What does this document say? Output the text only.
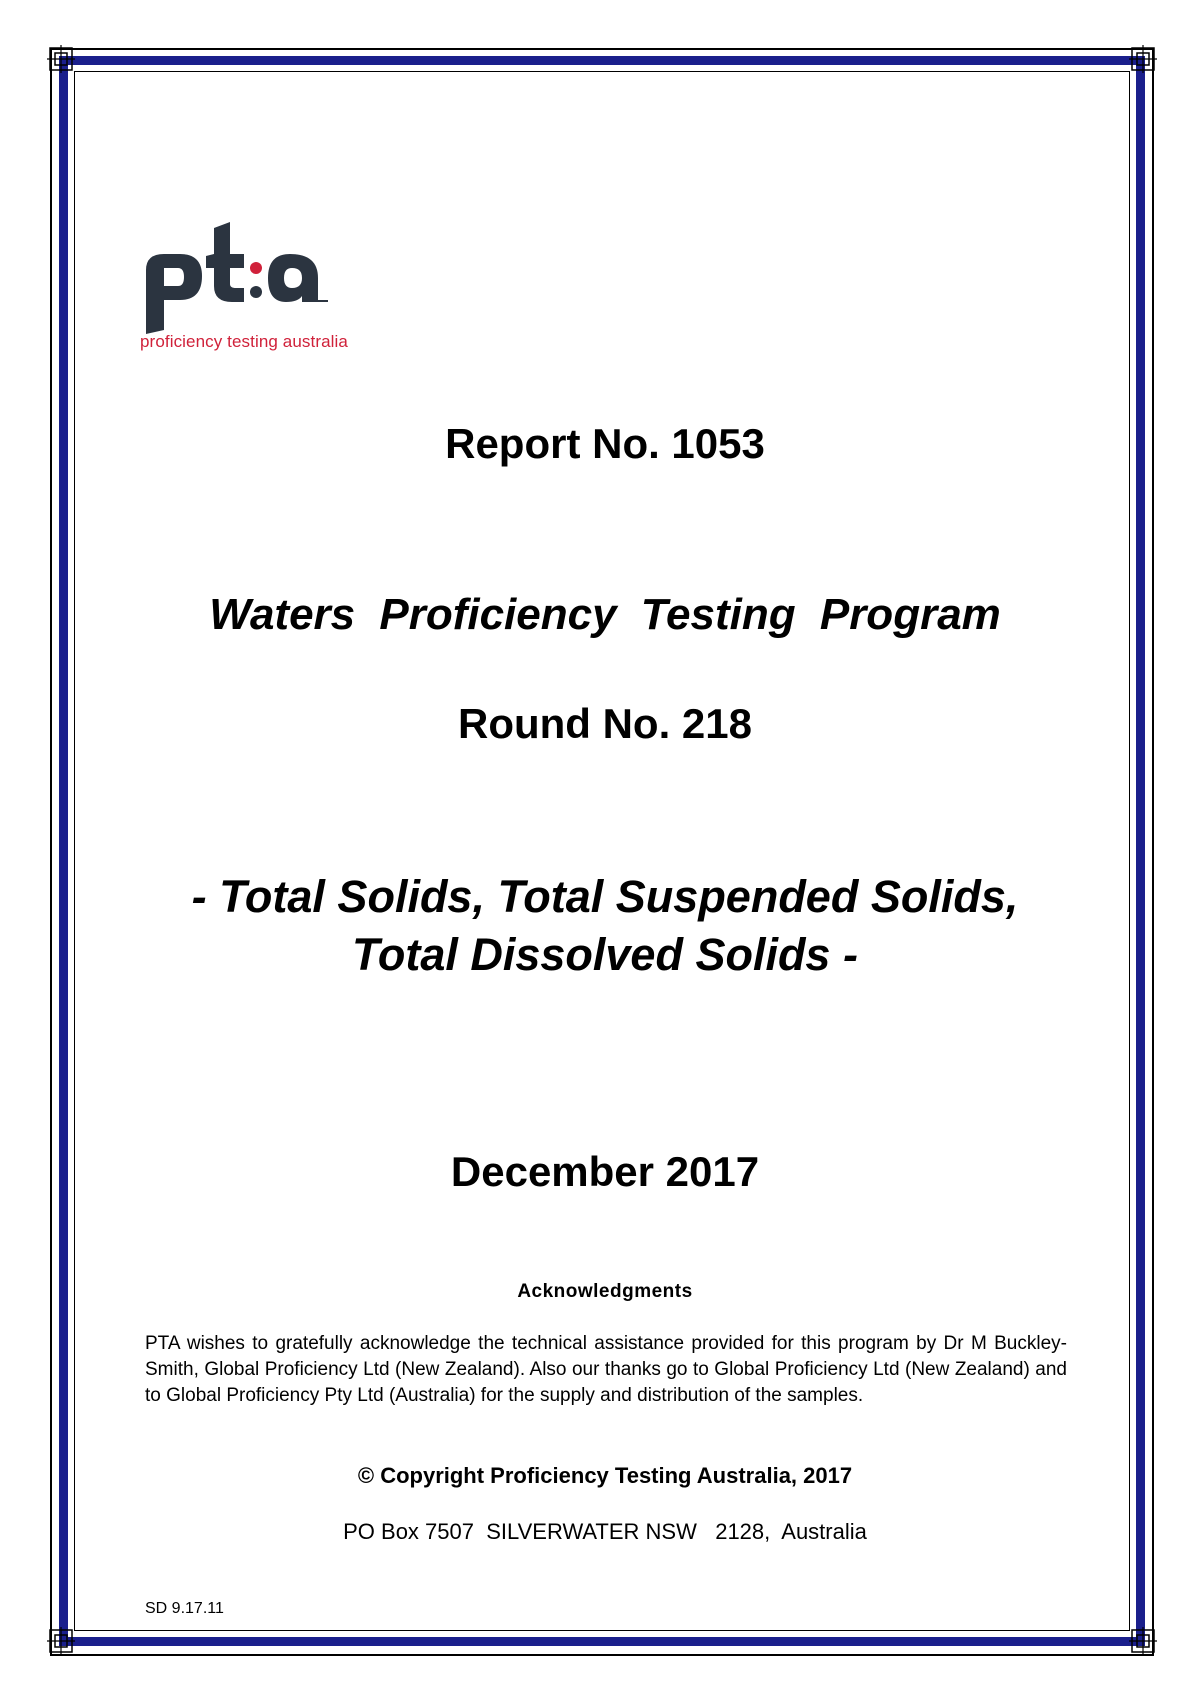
proficiency testing australia
Report No. 1053
Waters Proficiency Testing Program
Round No. 218
- Total Solids, Total Suspended Solids,
Total Dissolved Solids -
December 2017
Acknowledgments
PTA wishes to gratefully acknowledge the technical assistance provided for this program by Dr M Buckley-Smith, Global Proficiency Ltd (New Zealand). Also our thanks go to Global Proficiency Ltd (New Zealand) and to Global Proficiency Pty Ltd (Australia) for the supply and distribution of the samples.
© Copyright Proficiency Testing Australia, 2017
PO Box 7507  SILVERWATER NSW   2128,  Australia
SD 9.17.11
